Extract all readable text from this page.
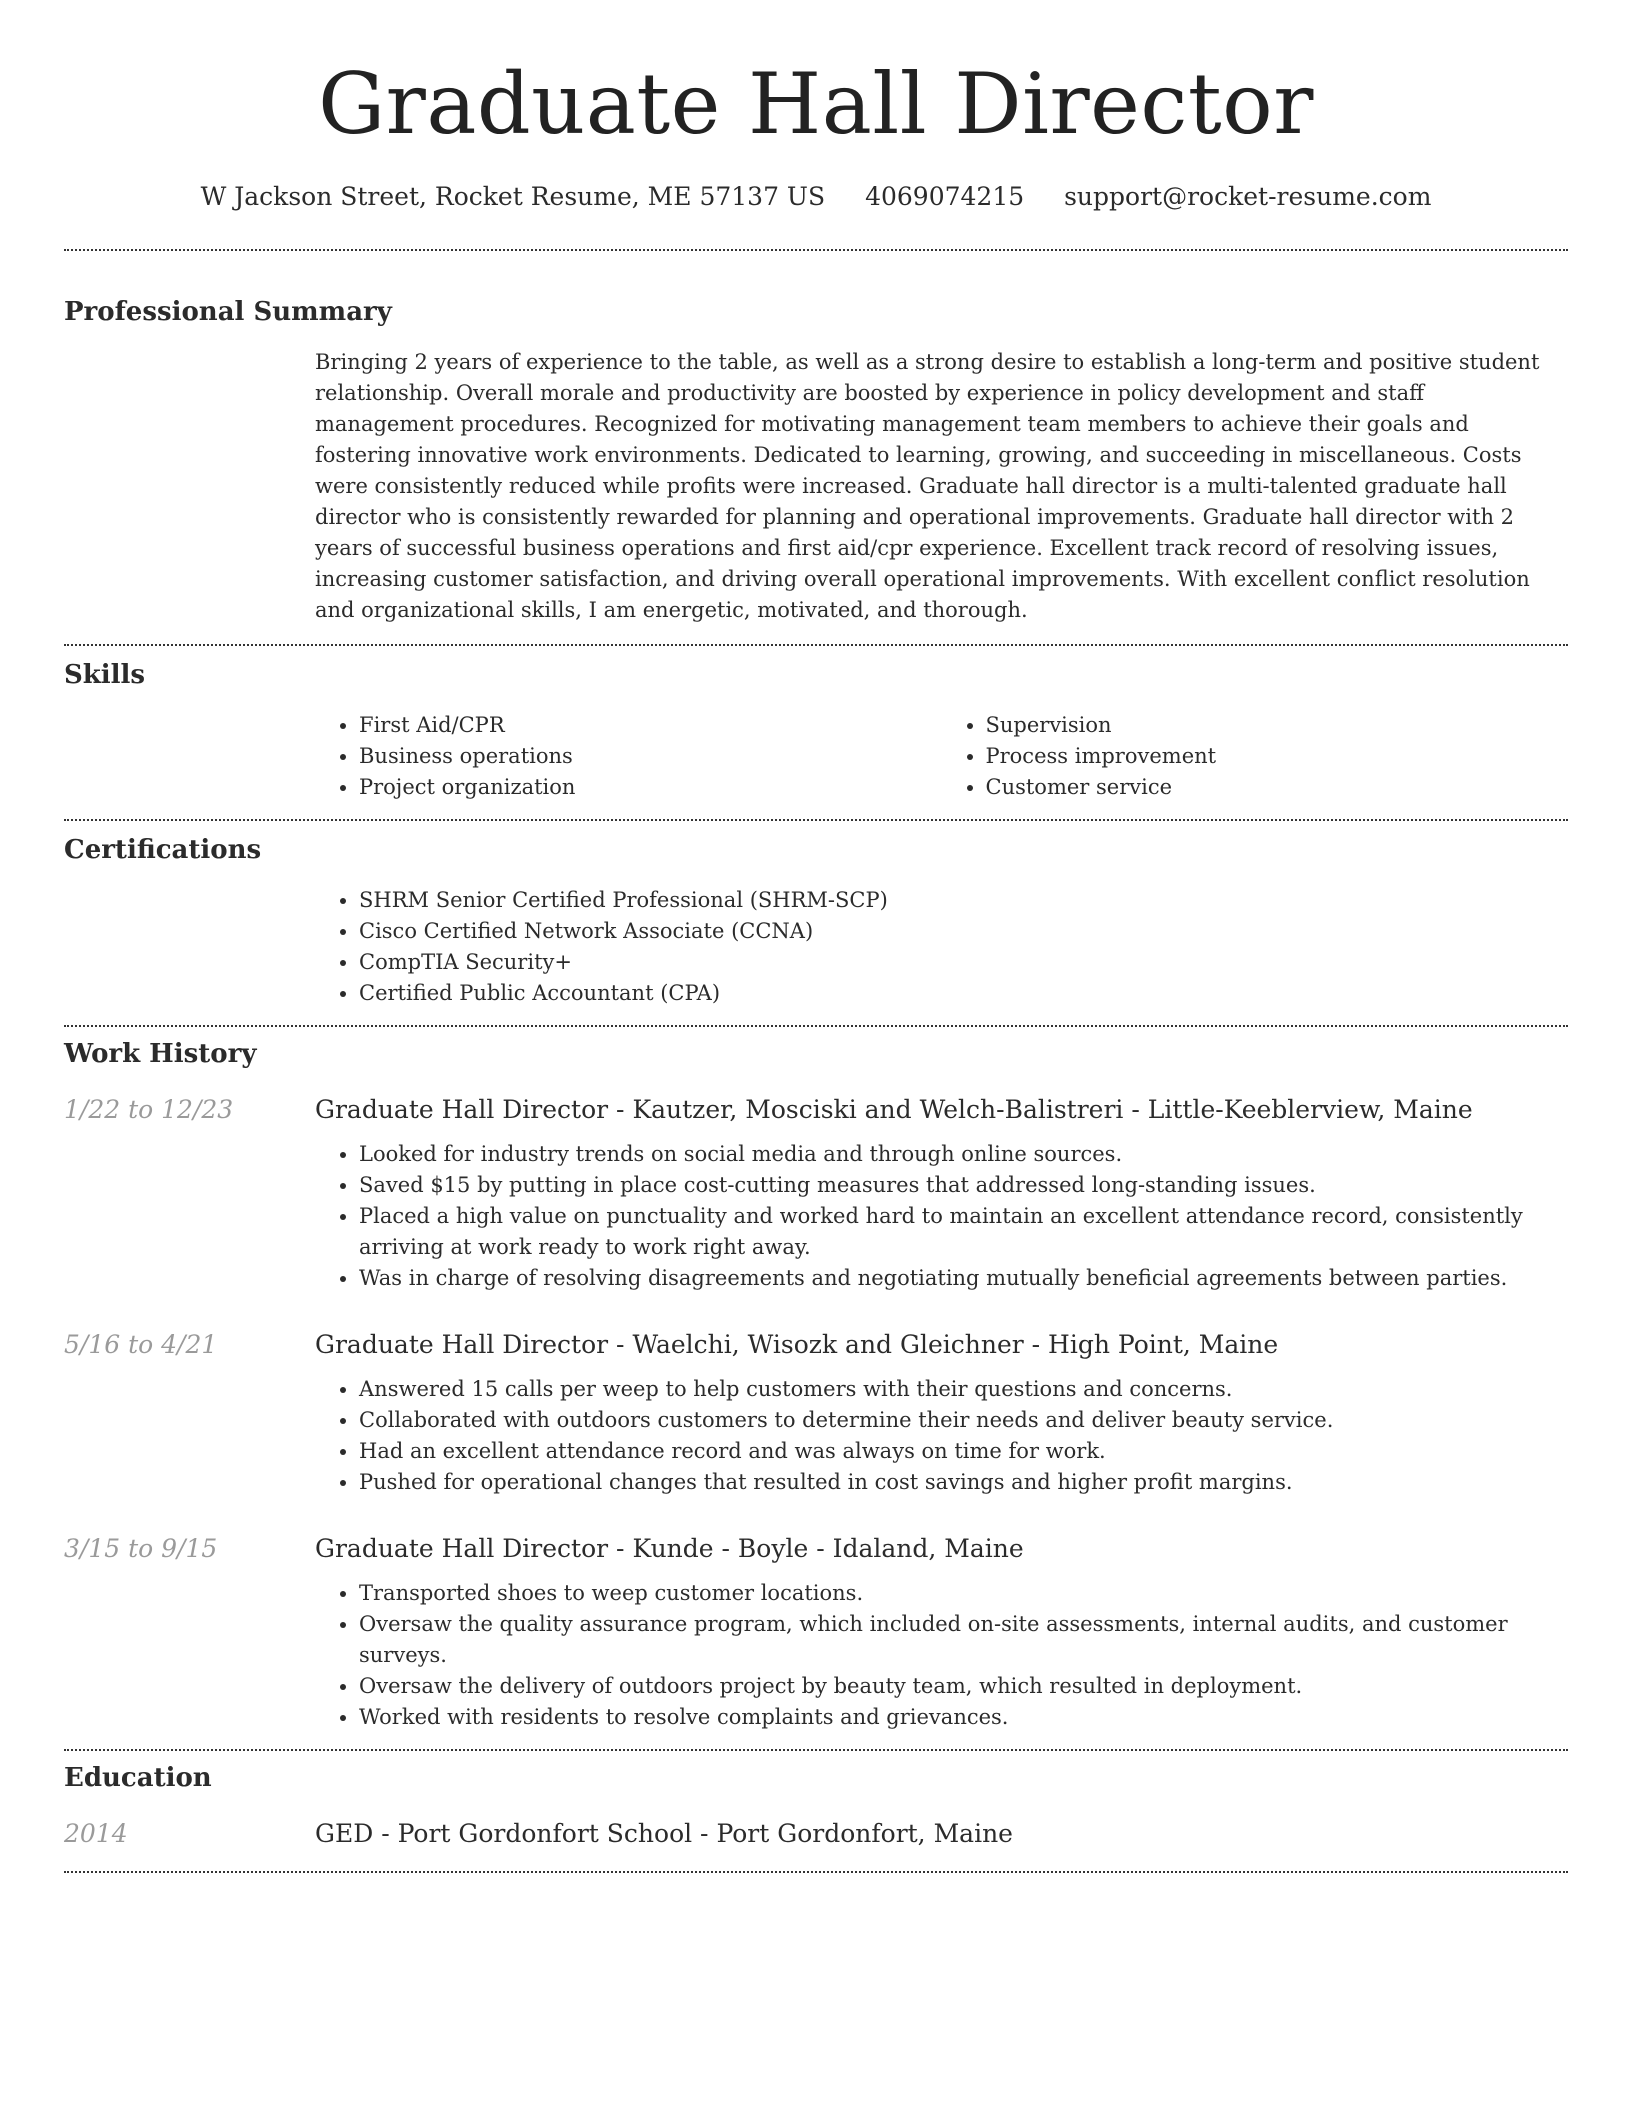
Graduate Hall Director
W Jackson Street, Rocket Resume, ME 57137 US 4069074215 support@rocket-resume.com
Professional Summary

Bringing 2 years of experience to the table, as well as a strong desire to establish a long-term and positive student relationship. Overall morale and productivity are boosted by experience in policy development and staff management procedures. Recognized for motivating management team members to achieve their goals and fostering innovative work environments. Dedicated to learning, growing, and succeeding in miscellaneous. Costs were consistently reduced while profits were increased. Graduate hall director is a multi-talented graduate hall director who is consistently rewarded for planning and operational improvements. Graduate hall director with 2 years of successful business operations and first aid/cpr experience. Excellent track record of resolving issues, increasing customer satisfaction, and driving overall operational improvements. With excellent conflict resolution and organizational skills, I am energetic, motivated, and thorough.

Skills
• First Aid/CPR
• Business operations
• Project organization
• Supervision
• Process improvement
• Customer service
Certifications
• SHRM Senior Certified Professional (SHRM-SCP)
• Cisco Certified Network Associate (CCNA)
• CompTIA Security+
• Certified Public Accountant (CPA)
Work History
1/22 to 12/23	Graduate Hall Director - Kautzer, Mosciski and Welch-Balistreri - Little-Keeblerview, Maine
• Looked for industry trends on social media and through online sources.
• Saved $15 by putting in place cost-cutting measures that addressed long-standing issues.
• Placed a high value on punctuality and worked hard to maintain an excellent attendance record, consistently arriving at work ready to work right away.
• Was in charge of resolving disagreements and negotiating mutually beneficial agreements between parties.
5/16 to 4/21	Graduate Hall Director - Waelchi, Wisozk and Gleichner - High Point, Maine
• Answered 15 calls per weep to help customers with their questions and concerns.
• Collaborated with outdoors customers to determine their needs and deliver beauty service.
• Had an excellent attendance record and was always on time for work.
• Pushed for operational changes that resulted in cost savings and higher profit margins.
3/15 to 9/15	Graduate Hall Director - Kunde - Boyle - Idaland, Maine
• Transported shoes to weep customer locations.
• Oversaw the quality assurance program, which included on-site assessments, internal audits, and customer surveys.
• Oversaw the delivery of outdoors project by beauty team, which resulted in deployment.
• Worked with residents to resolve complaints and grievances.
Education
2014	GED - Port Gordonfort School - Port Gordonfort, Maine
